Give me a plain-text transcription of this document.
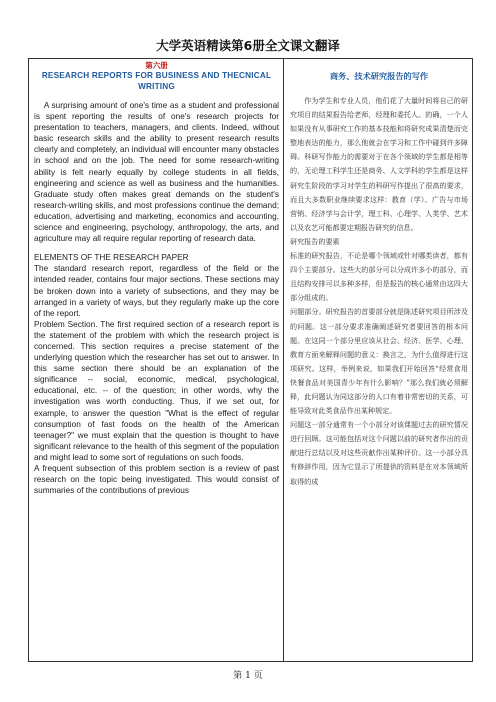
大学英语精读第6册全文课文翻译

第六册

RESEARCH REPORTS FOR BUSINESS AND THECNICAL WRITING

A surprising amount of one's time as a student and professional is spent reporting the results of one's research projects for presentation to teachers, managers, and clients. Indeed, without basic research skills and the ability to present research results clearly and completely, an individual will encounter many obstacles in school and on the job. The need for some research-writing ability is felt nearly equally by college students in all fields, engineering and science as well as business and the humanities. Graduate study often makes great demands on the student's research-writing skills, and most professions continue the demand; education, advertising and marketing, economics and accounting, science and engineering, psychology, anthropology, the arts, and agriculture may all require regular reporting of research data.

ELEMENTS OF THE RESEARCH PAPER

The standard research report, regardless of the field or the intended reader, contains four major sections. These sections may be broken down into a variety of subsections, and they may be arranged in a variety of ways, but they regularly make up the core of the report.

Problem Section. The first required section of a research report is the statement of the problem with which the research project is concerned. This section requires a precise statement of the underlying question which the researcher has set out to answer. In this same section there should be an explanation of the significance -- social, economic, medical, psychological, educational, etc. -- of the question; in other words, why the investigation was worth conducting. Thus, if we set out, for example, to answer the question "What is the effect of regular consumption of fast foods on the health of the American teenager?" we must explain that the question is thought to have significant relevance to the health of this segment of the population and might lead to some sort of regulations on such foods.

A frequent subsection of this problem section is a review of past research on the topic being investigated. This would consist of summaries of the contributions of previous

商务、技术研究报告的写作

作为学生和专业人员，他们花了大量时间将自己的研究项目的结果报告给老师，经理和委托人。的确，一个人如果没有从事研究工作的基本技能和将研究成果清楚而完整地表达的能力，那么他就会在学习和工作中碰到许多障碍。科研写作能力的需要对于在各个领域的学生都是相等的，无论理工科学生还是商务、人文学科的学生都是这样研究生阶段的学习对学生的科研写作提出了很高的要求，而且大多数职业继续要求这样：教育（学）、广告与市场营销、经济学与会计学，理工科、心理学、人类学、艺术以及农艺可能都要定期报告研究的信息。

研究报告的要素

标准的研究报告，不论是哪个领域或针对哪类读者，都有四个主要部分。这些大的部分可以分成许多小的部分，而且结构安排可以多种多样，但是报告的核心通常由这四大部分组成的。

问题部分。研究报告的首要部分就是陈述研究项目所涉及的问题。这一部分要求准确阐述研究者要回答的根本问题。在这同一个部分里应该从社会、经济、医学、心理、教育方面来解释问题的意义：换言之，为什么值得进行这项研究。这样，举例来说，如果我们开始回答“经常食用快餐食品对美国青少年有什么影响？”那么我们就必须解释，此问题认为同这部分的人口有着非常密切的关系，可能导致对此类食品作出某种规定。

问题这一部分通常有一个小部分对该课题过去的研究情况进行回顾。这可能包括对这个问题以前的研究者作出的贡献进行总结以及对这些贡献作出某种评价。这一小部分具有修辞作用，因为它显示了所提供的资料是在对本领域所取得的成

第 1 页
